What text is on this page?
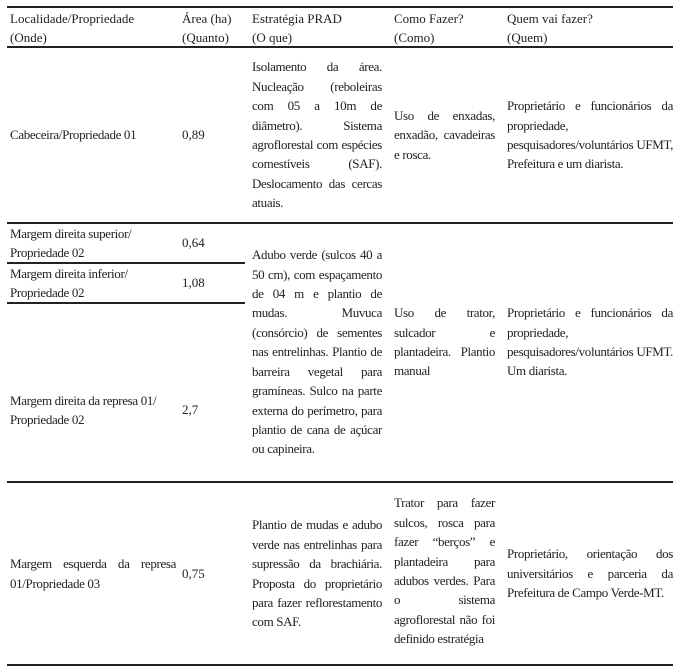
Localidade/Propriedade
(Onde)
Área (ha)
(Quanto)
Estratégia PRAD
(O que)
Como Fazer?
(Como)
Quem vai fazer?
(Quem)
Cabeceira/Propriedade 01	0,89
Isolamento da área. Nucleação (reboleiras com 05 a 10m de diâmetro). Sistema agroflorestal com espécies comestíveis (SAF). Deslocamento das cercas atuais.
Uso de enxadas, enxadão, cavadeiras e rosca.
Proprietário e funcionários da propriedade, pesquisadores/voluntários UFMT, Prefeitura e um diarista.
Margem direita superior/ Propriedade 02
0,64
Margem direita inferior/ Propriedade 02
1,08
Margem direita da represa 01/ Propriedade 02
2,7
Adubo verde (sulcos 40 a 50 cm), com espaçamento de 04 m e plantio de mudas. Muvuca (consórcio) de sementes nas entrelinhas. Plantio de barreira vegetal para gramíneas. Sulco na parte externa do perímetro, para plantio de cana de açúcar ou capineira.
Uso de trator, sulcador e plantadeira. Plantio manual
Proprietário e funcionários da propriedade, pesquisadores/voluntários UFMT. Um diarista.
Margem esquerda da represa 01/Propriedade 03
0,75
Plantio de mudas e adubo verde nas entrelinhas para supressão da brachiária. Proposta do proprietário para fazer reflorestamento com SAF.
Trator para fazer sulcos, rosca para fazer “berços” e plantadeira para adubos verdes. Para o sistema agroflorestal não foi definido estratégia
Proprietário, orientação dos universitários e parceria da Prefeitura de Campo Verde-MT.
